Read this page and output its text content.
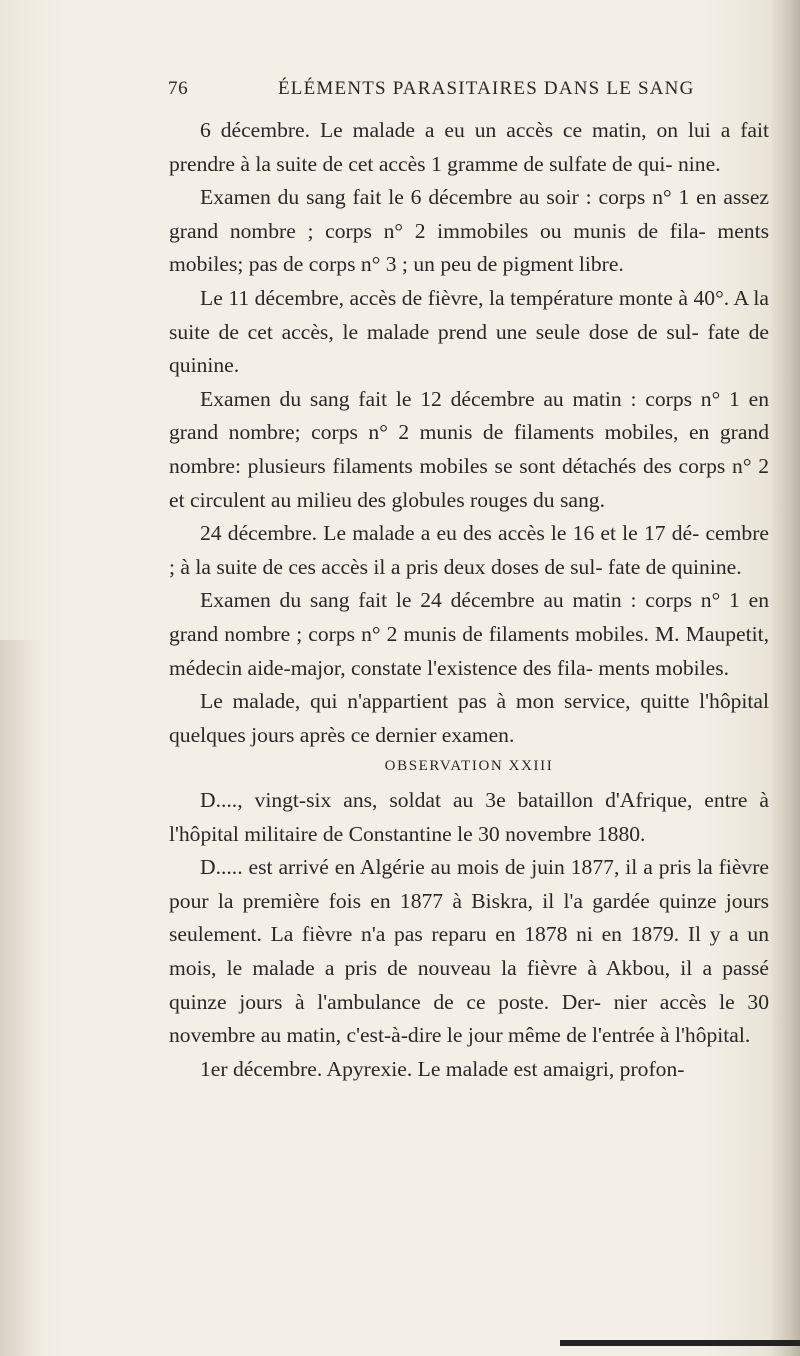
76	ÉLÉMENTS PARASITAIRES DANS LE SANG

6 décembre. Le malade a eu un accès ce matin, on lui a fait prendre à la suite de cet accès 1 gramme de sulfate de qui- nine.

Examen du sang fait le 6 décembre au soir : corps n° 1 en assez grand nombre ; corps n° 2 immobiles ou munis de fila- ments mobiles; pas de corps n° 3 ; un peu de pigment libre.

Le 11 décembre, accès de fièvre, la température monte à 40°. A la suite de cet accès, le malade prend une seule dose de sul- fate de quinine.

Examen du sang fait le 12 décembre au matin : corps n° 1 en grand nombre; corps n° 2 munis de filaments mobiles, en grand nombre: plusieurs filaments mobiles se sont détachés des corps n° 2 et circulent au milieu des globules rouges du sang.

24 décembre. Le malade a eu des accès le 16 et le 17 dé- cembre ; à la suite de ces accès il a pris deux doses de sul- fate de quinine.

Examen du sang fait le 24 décembre au matin : corps n° 1 en grand nombre ; corps n° 2 munis de filaments mobiles. M. Maupetit, médecin aide-major, constate l'existence des fila- ments mobiles.

Le malade, qui n'appartient pas à mon service, quitte l'hôpital quelques jours après ce dernier examen.

OBSERVATION XXIII

D...., vingt-six ans, soldat au 3e bataillon d'Afrique, entre à l'hôpital militaire de Constantine le 30 novembre 1880.

D..... est arrivé en Algérie au mois de juin 1877, il a pris la fièvre pour la première fois en 1877 à Biskra, il l'a gardée quinze jours seulement. La fièvre n'a pas reparu en 1878 ni en 1879. Il y a un mois, le malade a pris de nouveau la fièvre à Akbou, il a passé quinze jours à l'ambulance de ce poste. Der- nier accès le 30 novembre au matin, c'est-à-dire le jour même de l'entrée à l'hôpital.

1er décembre. Apyrexie. Le malade est amaigri, profon-
